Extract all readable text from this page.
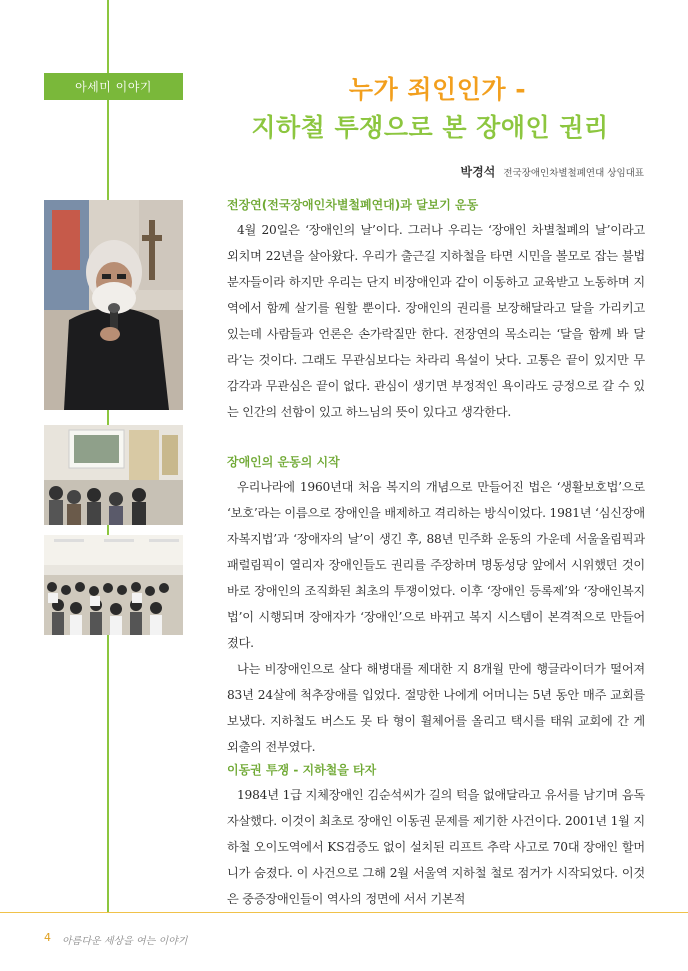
아세미 이야기	누가 죄인인가 -
지하철 투쟁으로 본 장애인 권리
박경석 전국장애인차별철폐연대 상임대표

전장연(전국장애인차별철폐연대)과 달보기 운동

4월 20일은 ‘장애인의 날’이다. 그러나 우리는 ‘장애인 차별철폐의 날’이라고 외치며 22년을 살아왔다. 우리가 출근길 지하철을 타면 시민을 볼모로 잡는 불법분자들이라 하지만 우리는 단지 비장애인과 같이 이동하고 교육받고 노동하며 지역에서 함께 살기를 원할 뿐이다. 장애인의 권리를 보장해달라고 달을 가리키고 있는데 사람들과 언론은 손가락질만 한다. 전장연의 목소리는 ‘달을 함께 봐 달라’는 것이다. 그래도 무관심보다는 차라리 욕설이 낫다. 고통은 끝이 있지만 무감각과 무관심은 끝이 없다. 관심이 생기면 부정적인 욕이라도 긍정으로 갈 수 있는 인간의 선함이 있고 하느님의 뜻이 있다고 생각한다.

장애인의 운동의 시작

우리나라에 1960년대 처음 복지의 개념으로 만들어진 법은 ‘생활보호법’으로 ‘보호’라는 이름으로 장애인을 배제하고 격리하는 방식이었다. 1981년 ‘심신장애자복지법’과 ‘장애자의 날’이 생긴 후, 88년 민주화 운동의 가운데 서울올림픽과 패럴림픽이 열리자 장애인들도 권리를 주장하며 명동성당 앞에서 시위했던 것이 바로 장애인의 조직화된 최초의 투쟁이었다. 이후 ‘장애인 등록제’와 ‘장애인복지법’이 시행되며 장애자가 ‘장애인’으로 바뀌고 복지 시스템이 본격적으로 만들어졌다.

나는 비장애인으로 살다 해병대를 제대한 지 8개월 만에 행글라이더가 떨어져 83년 24살에 척추장애를 입었다. 절망한 나에게 어머니는 5년 동안 매주 교회를 보냈다. 지하철도 버스도 못 타 형이 휠체어를 올리고 택시를 태워 교회에 간 게 외출의 전부였다.

이동권 투쟁 - 지하철을 타자

1984년 1급 지체장애인 김순석씨가 길의 턱을 없애달라고 유서를 남기며 음독자살했다. 이것이 최초로 장애인 이동권 문제를 제기한 사건이다. 2001년 1월 지하철 오이도역에서 KS검증도 없이 설치된 리프트 추락 사고로 70대 장애인 할머니가 숨졌다. 이 사건으로 그해 2월 서울역 지하철 철로 점거가 시작되었다. 이것은 중증장애인들이 역사의 정면에 서서 기본적

4 아름다운 세상을 여는 이야기
